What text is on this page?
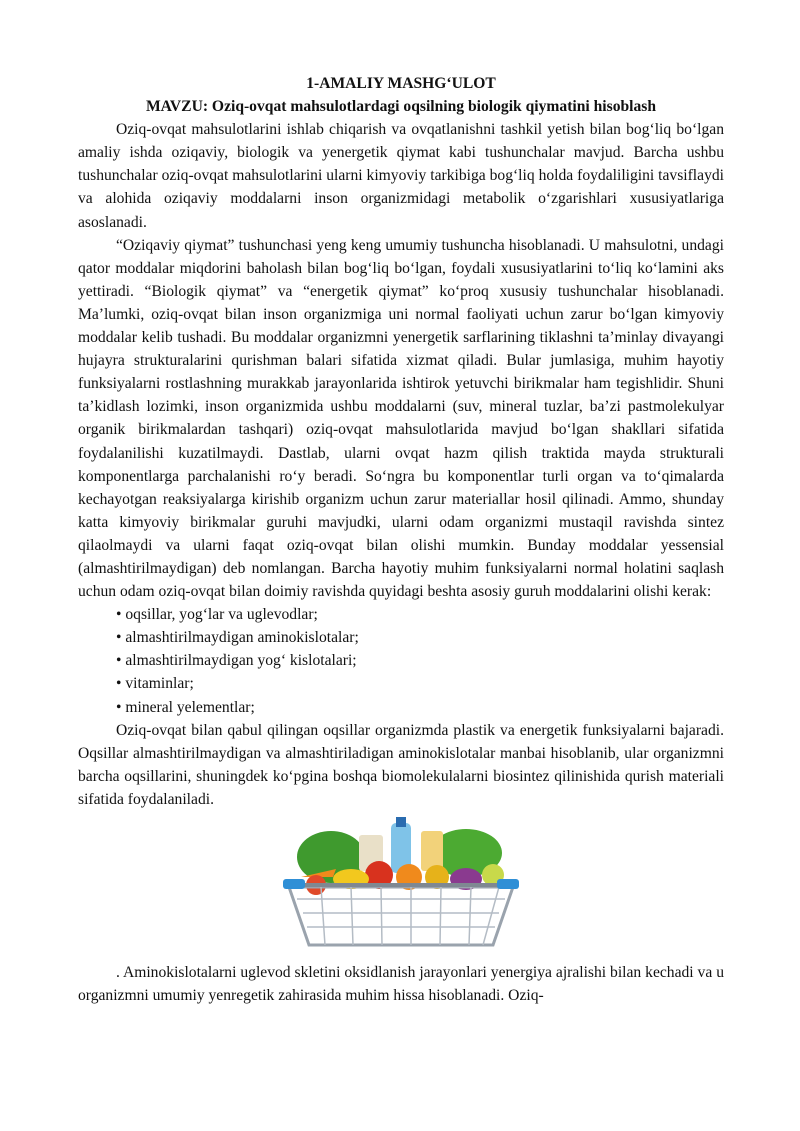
1-AMALIY MASHG‘ULOT

MAVZU: Oziq-ovqat mahsulotlardagi oqsilning biologik qiymatini hisoblash

Oziq-ovqat mahsulotlarini ishlab chiqarish va ovqatlanishni tashkil yetish bilan bog‘liq bo‘lgan amaliy ishda oziqaviy, biologik va yenergetik qiymat kabi tushunchalar mavjud. Barcha ushbu tushunchalar oziq-ovqat mahsulotlarini ularni kimyoviy tarkibiga bog‘liq holda foydaliligini tavsiflaydi va alohida oziqaviy moddalarni inson organizmidagi metabolik o‘zgarishlari xususiyatlariga asoslanadi.

“Oziqaviy qiymat” tushunchasi yeng keng umumiy tushuncha hisoblanadi. U mahsulotni, undagi qator moddalar miqdorini baholash bilan bog‘liq bo‘lgan, foydali xususiyatlarini to‘liq ko‘lamini aks yettiradi. “Biologik qiymat” va “energetik qiymat” ko‘proq xususiy tushunchalar hisoblanadi. Ma’lumki, oziq-ovqat bilan inson organizmiga uni normal faoliyati uchun zarur bo‘lgan kimyoviy moddalar kelib tushadi. Bu moddalar organizmni yenergetik sarflarining tiklashni ta’minlay divayangi hujayra strukturalarini qurishman balari sifatida xizmat qiladi. Bular jumlasiga, muhim hayotiy funksiyalarni rostlashning murakkab jarayonlarida ishtirok yetuvchi birikmalar ham tegishlidir. Shuni ta’kidlash lozimki, inson organizmida ushbu moddalarni (suv, mineral tuzlar, ba’zi pastmolekulyar organik birikmalardan tashqari) oziq-ovqat mahsulotlarida mavjud bo‘lgan shakllari sifatida foydalanilishi kuzatilmaydi. Dastlab, ularni ovqat hazm qilish traktida mayda strukturali komponentlarga parchalanishi ro‘y beradi. So‘ngra bu komponentlar turli organ va to‘qimalarda kechayotgan reaksiyalarga kirishib organizm uchun zarur materiallar hosil qilinadi. Ammo, shunday katta kimyoviy birikmalar guruhi mavjudki, ularni odam organizmi mustaqil ravishda sintez qilaolmaydi va ularni faqat oziq-ovqat bilan olishi mumkin. Bunday moddalar yessensial (almashtirilmaydigan) deb nomlangan. Barcha hayotiy muhim funksiyalarni normal holatini saqlash uchun odam oziq-ovqat bilan doimiy ravishda quyidagi beshta asosiy guruh moddalarini olishi kerak:

• oqsillar, yog‘lar va uglevodlar;
• almashtirilmaydigan aminokislotalar;
• almashtirilmaydigan yog‘ kislotalari;
• vitaminlar;
• mineral yelementlar;

Oziq-ovqat bilan qabul qilingan oqsillar organizmda plastik va energetik funksiyalarni bajaradi. Oqsillar almashtirilmaydigan va almashtiriladigan aminokislotalar manbai hisoblanib, ular organizmni barcha oqsillarini, shuningdek ko‘pgina boshqa biomolekulalarni biosintez qilinishida qurish materiali sifatida foydalaniladi.

. Aminokislotalarni uglevod skletini oksidlanish jarayonlari yenergiya ajralishi bilan kechadi va u organizmni umumiy yenregetik zahirasida muhim hissa hisoblanadi. Oziq-
